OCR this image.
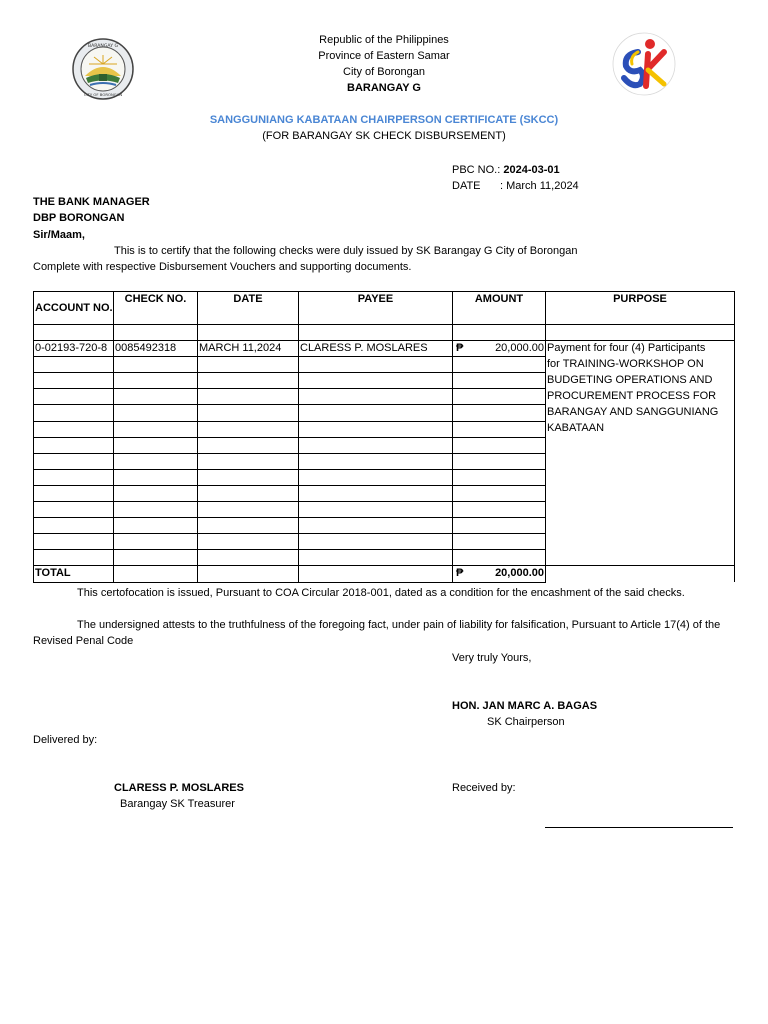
BARANGAY G
CITY OF BORONGAN
Republic of the Philippines
Province of Eastern Samar
City of Borongan
BARANGAY G
SANGGUNIANG KABATAAN CHAIRPERSON CERTIFICATE (SKCC)
(FOR BARANGAY SK CHECK DISBURSEMENT)
PBC NO.: 2024-03-01
DATE : March 11,2024
THE BANK MANAGER
DBP BORONGAN
Sir/Maam,
This is to certify that the following checks were duly issued by SK Barangay G City of Borongan
Complete with respective Disbursement Vouchers and supporting documents.
ACCOUNT NO.	CHECK NO.	DATE	PAYEE	AMOUNT	PURPOSE

0-02193-720-8	0085492318	MARCH 11,2024	CLARESS P. MOSLARES	₱ 20,000.00	Payment for four (4) Participants
					for TRAINING-WORKSHOP ON
					BUDGETING OPERATIONS AND
					PROCUREMENT PROCESS FOR
					BARANGAY AND SANGGUNIANG
					KABATAAN

TOTAL				₱ 20,000.00	

This certofocation is issued, Pursuant to COA Circular 2018-001, dated as a condition for the encashment of the said checks.
The undersigned attests to the truthfulness of the foregoing fact, under pain of liability for falsification, Pursuant to Article 17(4) of the
Revised Penal Code
Very truly Yours,
HON. JAN MARC A. BAGAS
SK Chairperson
Delivered by:
CLARESS P. MOSLARES
Barangay SK Treasurer
Received by:
